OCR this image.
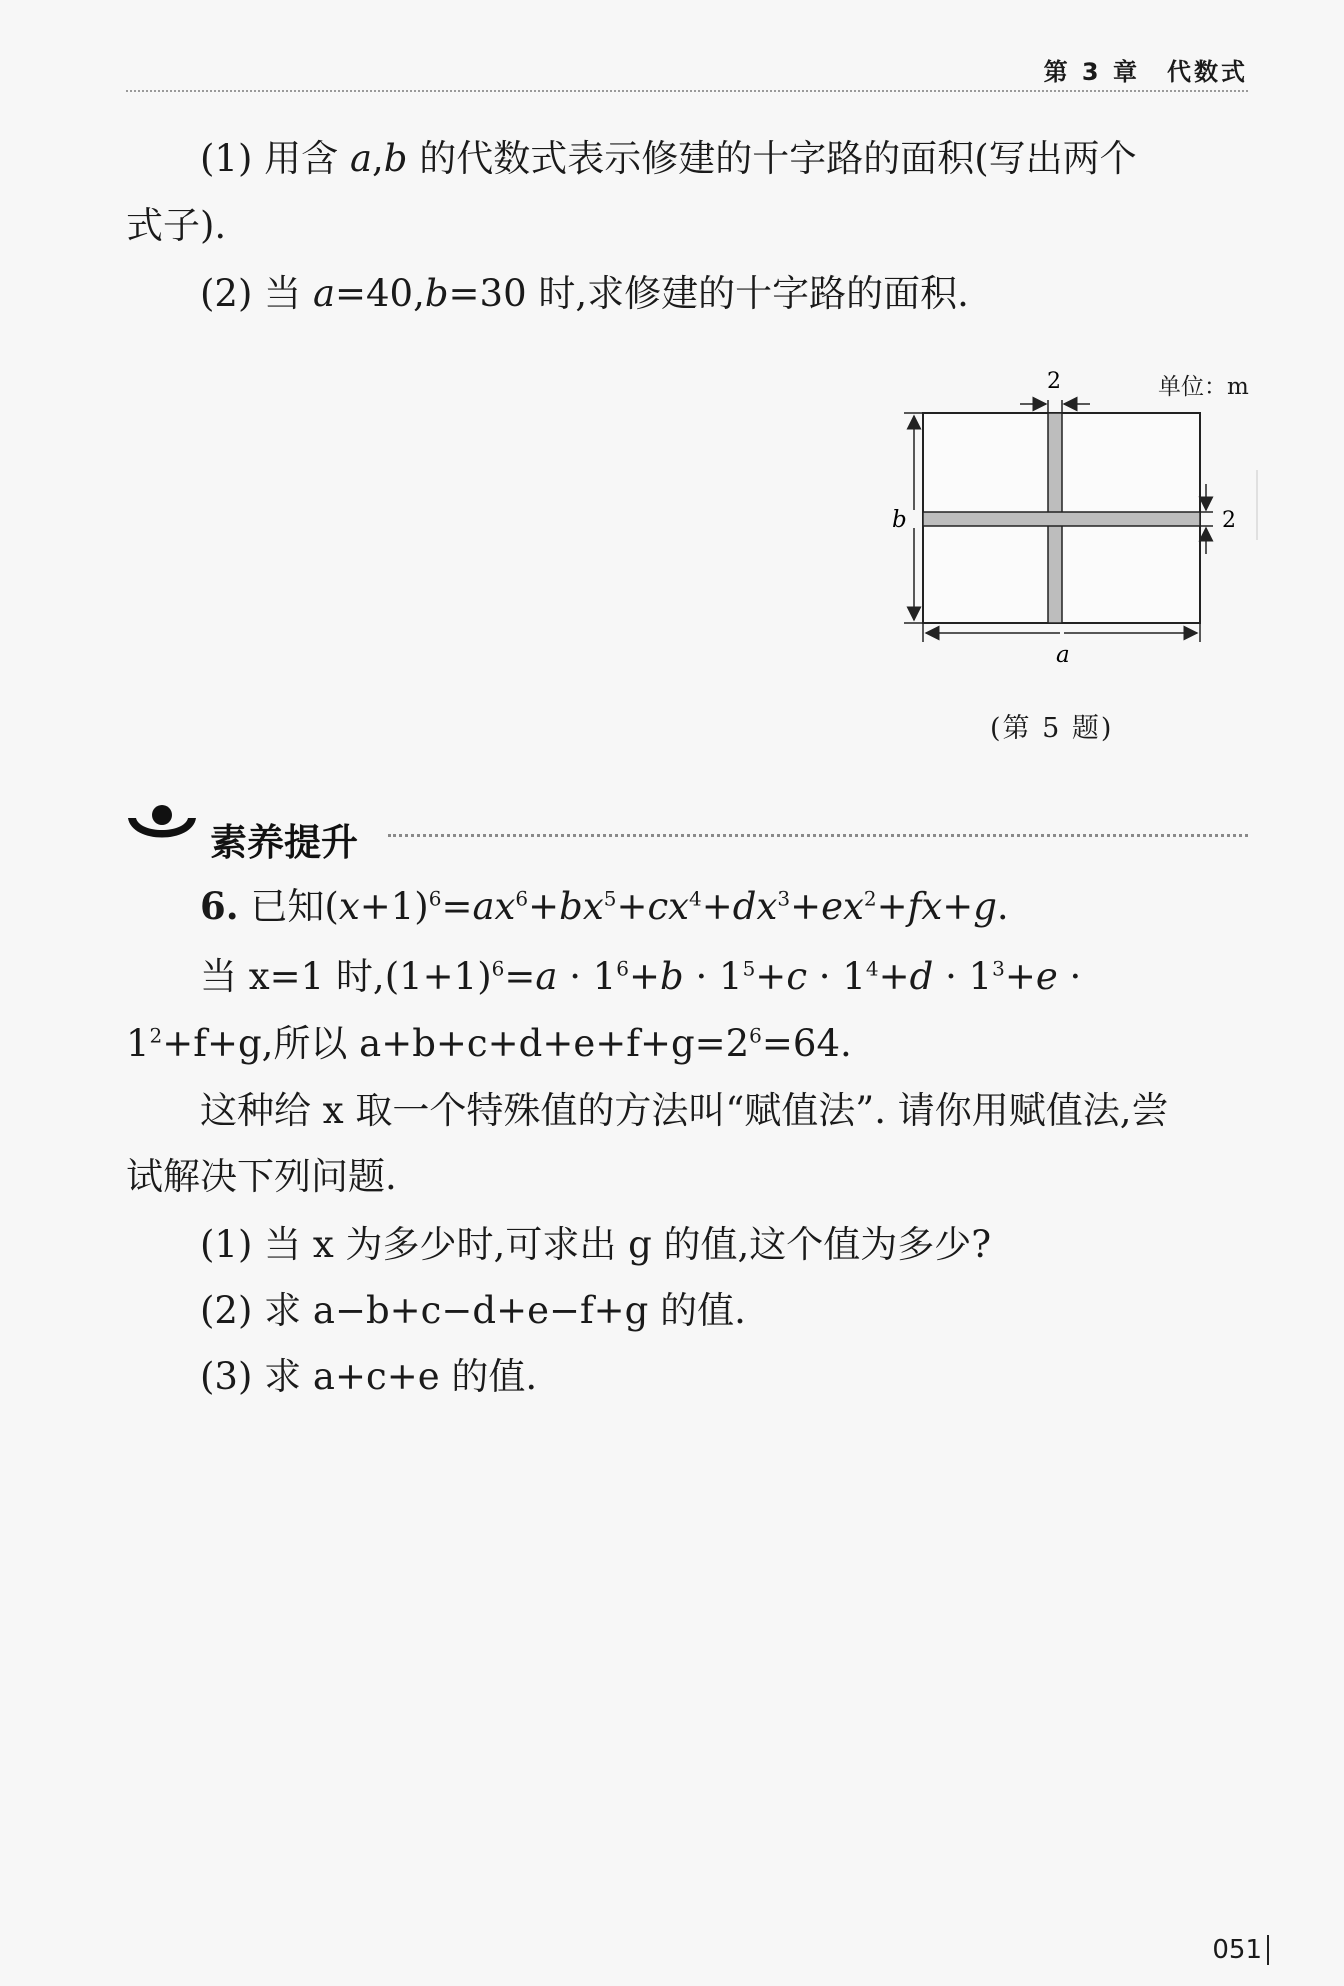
第 3 章　代数式
(1) 用含 a,b 的代数式表示修建的十字路的面积(写出两个
式子).
(2) 当 a=40,b=30 时,求修建的十字路的面积.
单位：m
2
2
b
a
(第 5 题)
素养提升
6. 已知$(x+1)^6=ax^6+bx^5+cx^4+dx^3+ex^2+fx+g$.
当 x=1 时$,(1+1)^6=a \cdot 1^6+b \cdot 1^5+c \cdot 1^4+d \cdot 1^3+e$ ·
$1^2+f+g$,所以 $a+b+c+d+e+f+g=2^6=64$.
这种给 x 取一个特殊值的方法叫“赋值法”. 请你用赋值法,尝
试解决下列问题.
(1) 当 x 为多少时,可求出 g 的值,这个值为多少?
(2) 求 a−b+c−d+e−f+g 的值.
(3) 求 a+c+e 的值.
051
